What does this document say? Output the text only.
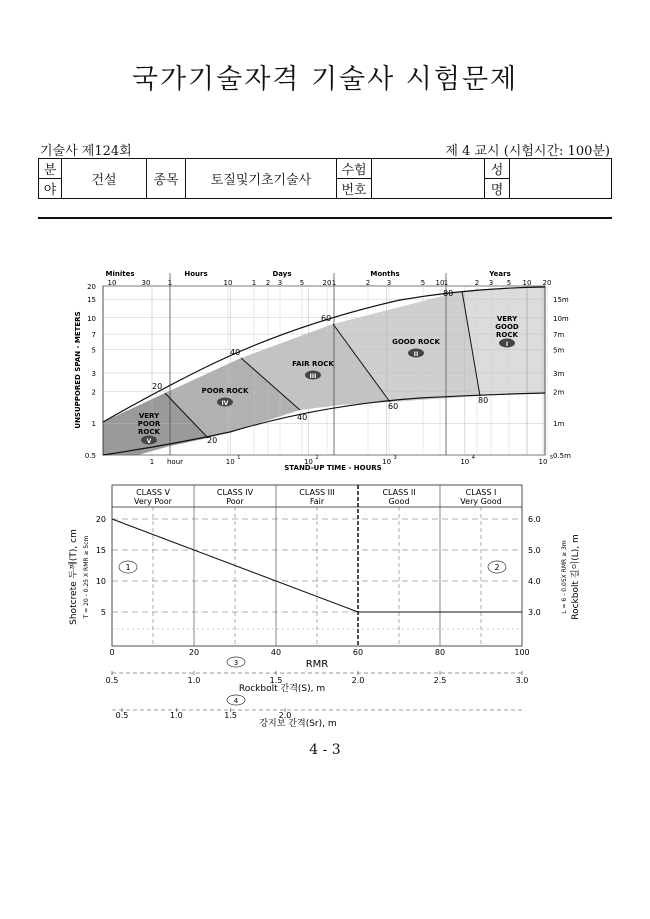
국가기술자격 기술사 시험문제
기술사 제124회	제 4 교시 (시험시간: 100분)
분	건설	종목	토질및기초기술사	수험		성	
야				번호		명	
20
40
60
80
20
40
60
80
VERY
POOR
ROCK
V
POOR ROCK
IV
FAIR ROCK
III
GOOD ROCK
II
VERY
GOOD
ROCK
I
UNSUPPORED SPAN - METERS
STAND-UP TIME - HOURS
20
15
10
7
5
3
2
1
0.5
15m
10m
7m
5m
3m
2m
1m
0.5m
1 hour	10 1	10 2	10 3	10 4	10 5
Minites	Hours	Days	Months	Years
10	30 1	10	1 2 3	5	20 1	2 3	5 10 1	2 3 5 10 20
CLASS V
Very Poor
CLASS IV
Poor
CLASS III
Fair
CLASS II
Good
CLASS I
Very Good
1	2
Shotcrete 두께(T), cm T = 20 - 0.25 X RMR ≥ 5cm	Rockbolt 길이(L), m
L = 6 - 0.05X RMR ≥ 3m
20
15
10
5
6.0
5.0
4.0
3.0
0	20	40	60	80	100
RMR
3
0.5	1.0	1.5	2.0	2.5	3.0
Rockbolt 간격(S), m
4
0.5	1.0	1.5	2.0
강지보 간격(Sr), m
4 - 3
